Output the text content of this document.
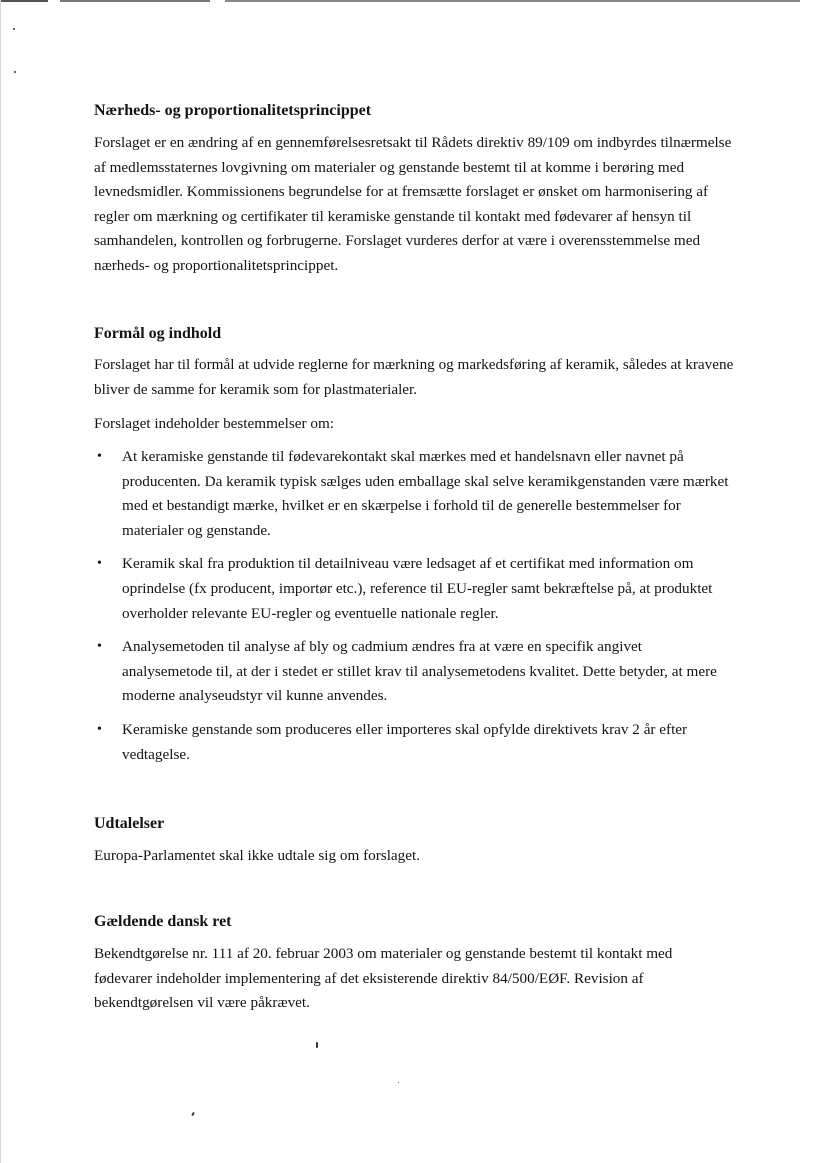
Nærheds- og proportionalitetsprincippet

Forslaget er en ændring af en gennemførelsesretsakt til Rådets direktiv 89/109 om indbyrdes tilnærmelse af medlemsstaternes lovgivning om materialer og genstande bestemt til at komme i berøring med levnedsmidler. Kommissionens begrundelse for at fremsætte forslaget er ønsket om harmonisering af regler om mærkning og certifikater til keramiske genstande til kontakt med fødevarer af hensyn til samhandelen, kontrollen og forbrugerne. Forslaget vurderes derfor at være i overensstemmelse med nærheds- og proportionalitetsprincippet.

Formål og indhold

Forslaget har til formål at udvide reglerne for mærkning og markedsføring af keramik, således at kravene bliver de samme for keramik som for plastmaterialer.

Forslaget indeholder bestemmelser om:

• At keramiske genstande til fødevarekontakt skal mærkes med et handelsnavn eller navnet på producenten. Da keramik typisk sælges uden emballage skal selve keramikgenstanden være mærket med et bestandigt mærke, hvilket er en skærpelse i forhold til de generelle bestemmelser for materialer og genstande.
• Keramik skal fra produktion til detailniveau være ledsaget af et certifikat med information om oprindelse (fx producent, importør etc.), reference til EU-regler samt bekræftelse på, at produktet overholder relevante EU-regler og eventuelle nationale regler.
• Analysemetoden til analyse af bly og cadmium ændres fra at være en specifik angivet analysemetode til, at der i stedet er stillet krav til analysemetodens kvalitet. Dette betyder, at mere moderne analyseudstyr vil kunne anvendes.
• Keramiske genstande som produceres eller importeres skal opfylde direktivets krav 2 år efter vedtagelse.
Udtalelser

Europa-Parlamentet skal ikke udtale sig om forslaget.

Gældende dansk ret

Bekendtgørelse nr. 111 af 20. februar 2003 om materialer og genstande bestemt til kontakt med fødevarer indeholder implementering af det eksisterende direktiv 84/500/EØF. Revision af bekendtgørelsen vil være påkrævet.
